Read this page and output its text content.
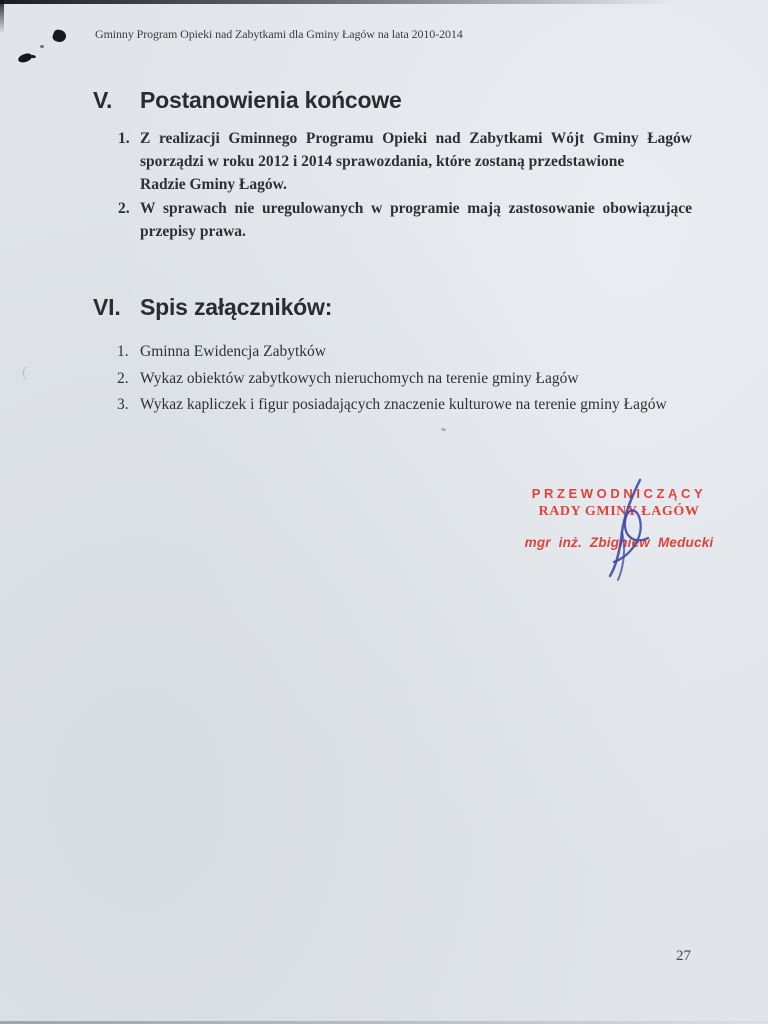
Gminny Program Opieki nad Zabytkami dla Gminy Łagów na lata 2010-2014
V.	Postanowienia końcowe
1. Z realizacji Gminnego Programu Opieki nad Zabytkami Wójt Gminy Łagów
sporządzi w roku 2012 i 2014 sprawozdania, które zostaną przedstawione
Radzie Gminy Łagów.
2. W sprawach nie uregulowanych w programie mają zastosowanie obowiązujące
przepisy prawa.
VI. Spis załączników:
1. Gminna Ewidencja Zabytków
2. Wykaz obiektów zabytkowych nieruchomych na terenie gminy Łagów
3. Wykaz kapliczek i figur posiadających znaczenie kulturowe na terenie gminy Łagów
PRZEWODNICZĄCY
RADY GMINY ŁAGÓW
mgr inż. Zbigniew Meducki
27
